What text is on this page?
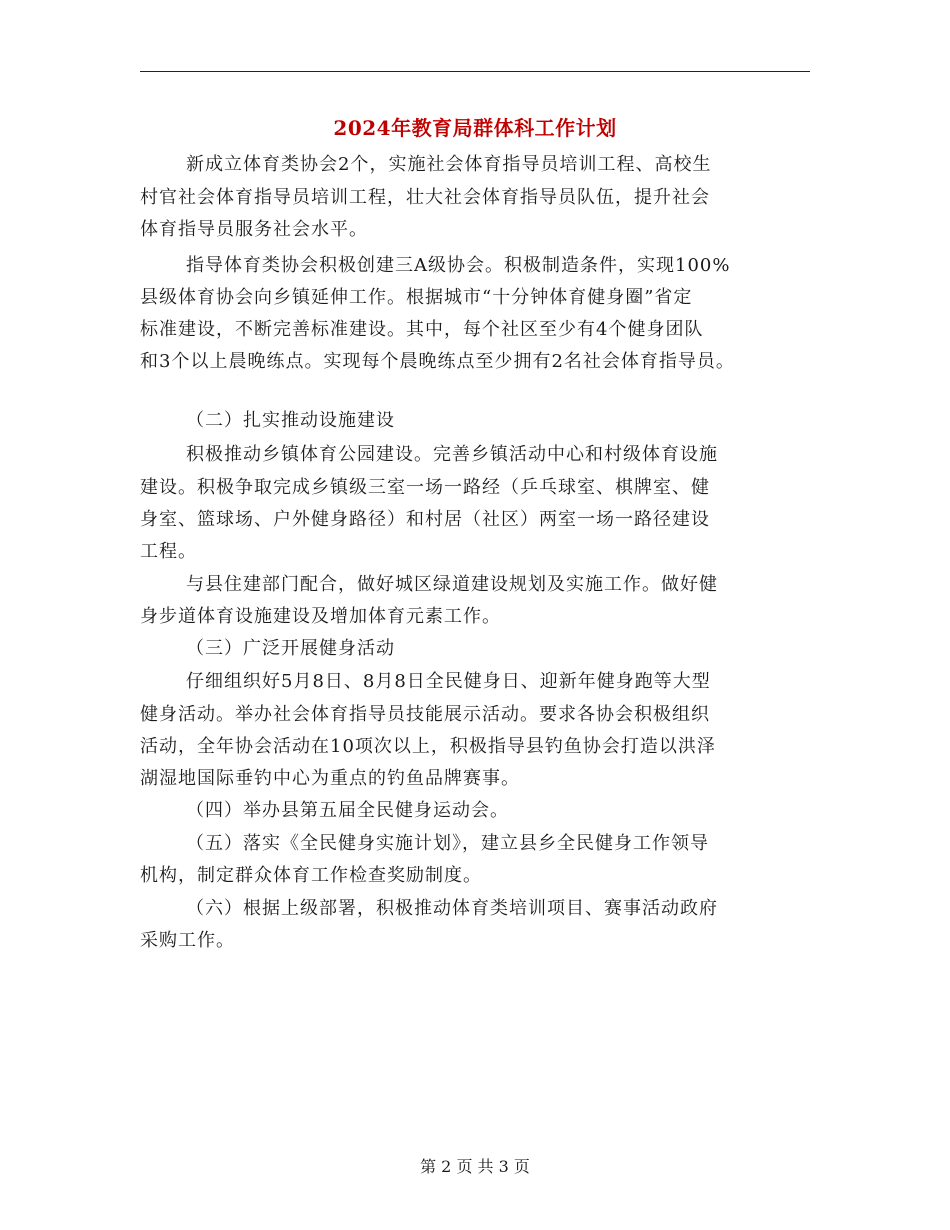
2024年教育局群体科工作计划
新成立体育类协会2个，实施社会体育指导员培训工程、高校生
村官社会体育指导员培训工程，壮大社会体育指导员队伍，提升社会
体育指导员服务社会水平。
指导体育类协会积极创建三A级协会。积极制造条件，实现100%
县级体育协会向乡镇延伸工作。根据城市“十分钟体育健身圈”省定
标准建设，不断完善标准建设。其中，每个社区至少有4个健身团队
和3个以上晨晚练点。实现每个晨晚练点至少拥有2名社会体育指导员。
（二）扎实推动设施建设
积极推动乡镇体育公园建设。完善乡镇活动中心和村级体育设施
建设。积极争取完成乡镇级三室一场一路经（乒乓球室、棋牌室、健
身室、篮球场、户外健身路径）和村居（社区）两室一场一路径建设
工程。
与县住建部门配合，做好城区绿道建设规划及实施工作。做好健
身步道体育设施建设及增加体育元素工作。
（三）广泛开展健身活动
仔细组织好5月8日、8月8日全民健身日、迎新年健身跑等大型
健身活动。举办社会体育指导员技能展示活动。要求各协会积极组织
活动，全年协会活动在10项次以上，积极指导县钓鱼协会打造以洪泽
湖湿地国际垂钓中心为重点的钓鱼品牌赛事。
（四）举办县第五届全民健身运动会。
（五）落实《全民健身实施计划》，建立县乡全民健身工作领导
机构，制定群众体育工作检查奖励制度。
（六）根据上级部署，积极推动体育类培训项目、赛事活动政府
采购工作。
第 2 页 共 3 页
